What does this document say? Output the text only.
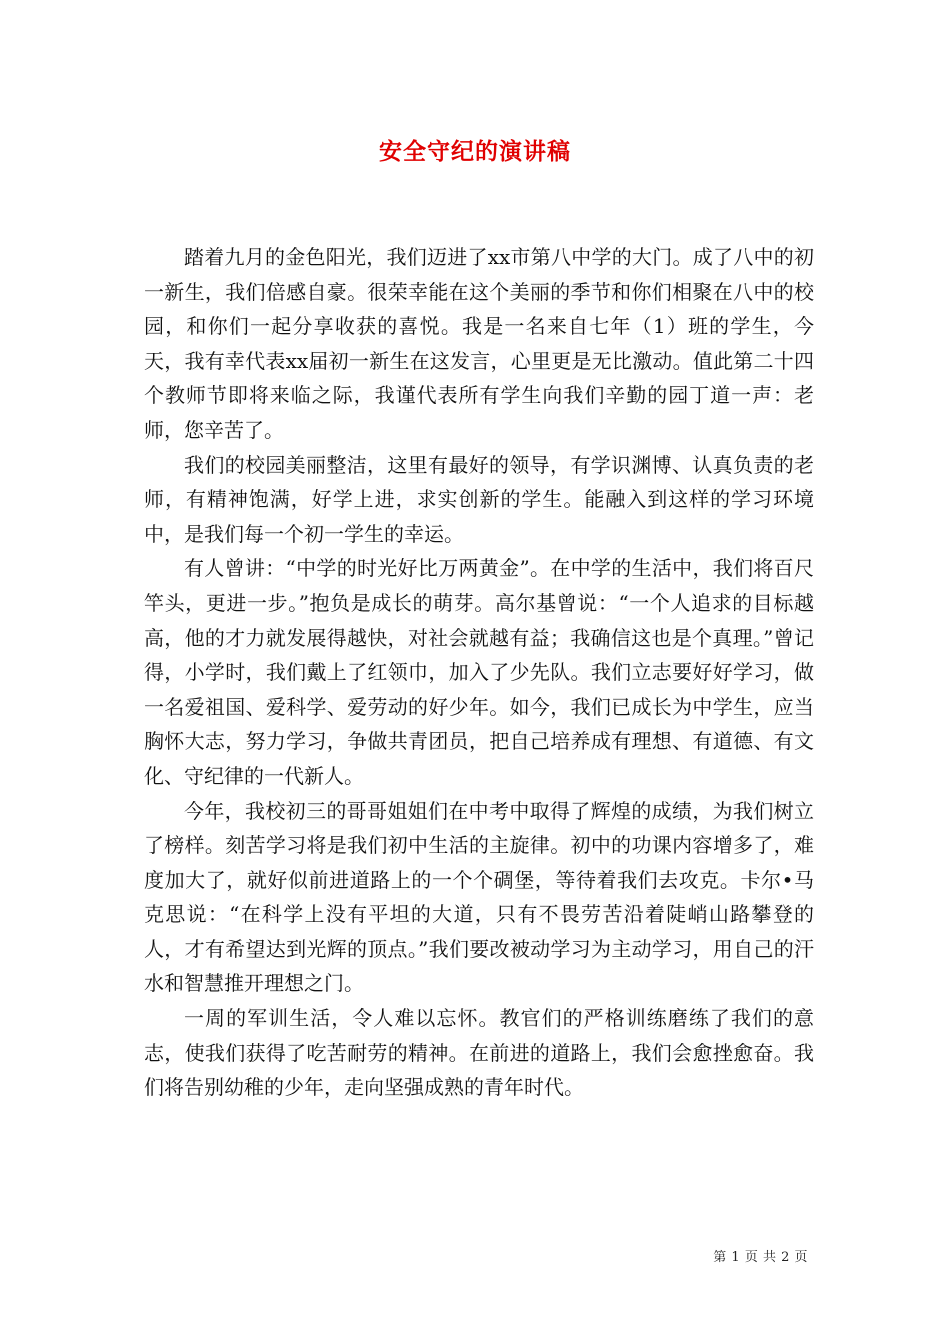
安全守纪的演讲稿

踏着九月的金色阳光，我们迈进了xx市第八中学的大门。成了八中的初一新生，我们倍感自豪。很荣幸能在这个美丽的季节和你们相聚在八中的校园，和你们一起分享收获的喜悦。我是一名来自七年（1）班的学生，今天，我有幸代表xx届初一新生在这发言，心里更是无比激动。值此第二十四个教师节即将来临之际，我谨代表所有学生向我们辛勤的园丁道一声：老师，您辛苦了。

我们的校园美丽整洁，这里有最好的领导，有学识渊博、认真负责的老师，有精神饱满，好学上进，求实创新的学生。能融入到这样的学习环境中，是我们每一个初一学生的幸运。

有人曾讲：“中学的时光好比万两黄金”。在中学的生活中，我们将百尺竿头，更进一步。”抱负是成长的萌芽。高尔基曾说：“一个人追求的目标越高，他的才力就发展得越快，对社会就越有益；我确信这也是个真理。”曾记得，小学时，我们戴上了红领巾，加入了少先队。我们立志要好好学习，做一名爱祖国、爱科学、爱劳动的好少年。如今，我们已成长为中学生，应当胸怀大志，努力学习，争做共青团员，把自己培养成有理想、有道德、有文化、守纪律的一代新人。

今年，我校初三的哥哥姐姐们在中考中取得了辉煌的成绩，为我们树立了榜样。刻苦学习将是我们初中生活的主旋律。初中的功课内容增多了，难度加大了，就好似前进道路上的一个个碉堡，等待着我们去攻克。卡尔•马克思说：“在科学上没有平坦的大道，只有不畏劳苦沿着陡峭山路攀登的人，才有希望达到光辉的顶点。”我们要改被动学习为主动学习，用自己的汗水和智慧推开理想之门。

一周的军训生活，令人难以忘怀。教官们的严格训练磨练了我们的意志，使我们获得了吃苦耐劳的精神。在前进的道路上，我们会愈挫愈奋。我们将告别幼稚的少年，走向坚强成熟的青年时代。

第 1 页 共 2 页
